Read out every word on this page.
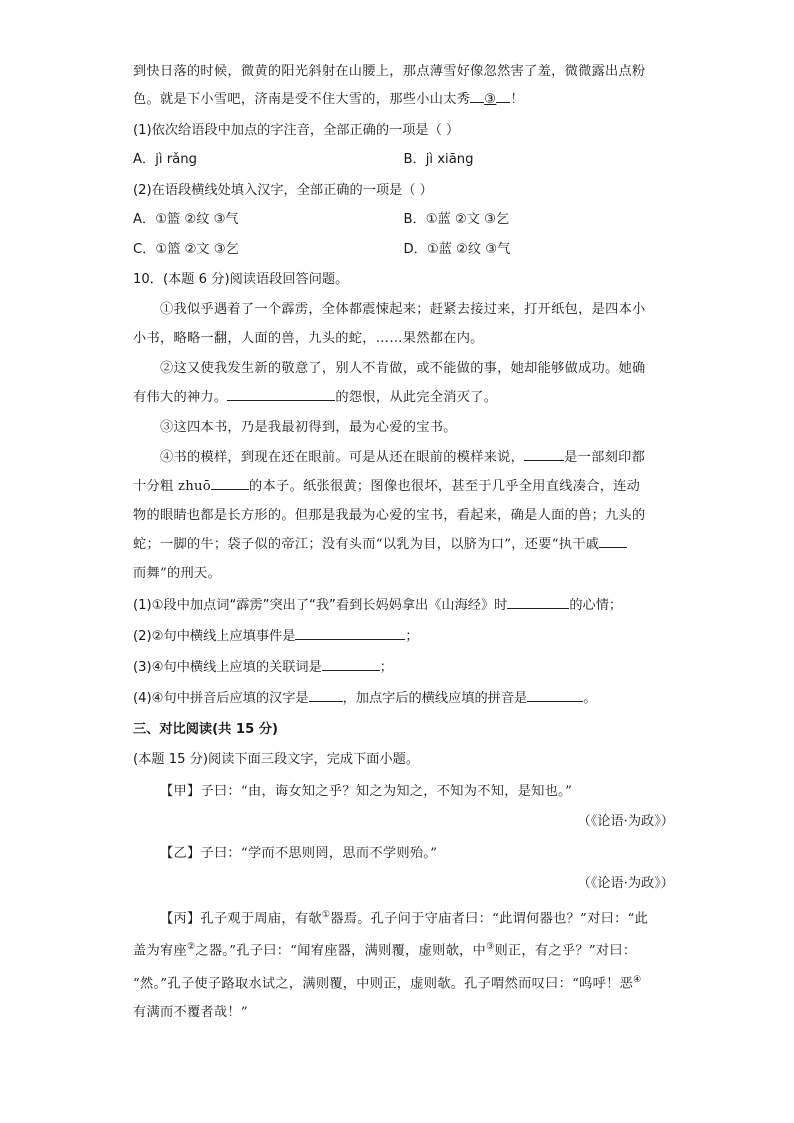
到快日落的时候，微黄的阳光斜射在山腰上，那点薄雪好像忽然害了羞，微微露出点粉

色。就是下小雪吧，济南是受不住大雪的，那些小山太秀 ③ ！

(1)依次给语段中加点的字注音，全部正确的一项是（ ）

A．jì rǎng	B．jì xiāng

(2)在语段横线处填入汉字，全部正确的一项是（ ）

A．①篮 ②纹 ③气	B．①蓝 ②文 ③乞

C．①篮 ②文 ③乞	D．①蓝 ②纹 ③气

10．(本题 6 分)阅读语段回答问题。

①我似乎遇着了一个霹雳，全体都震悚起来；赶紧去接过来，打开纸包，是四本小

小书，略略一翻，人面的兽，九头的蛇，……果然都在内。

②这又使我发生新的敬意了，别人不肯做，或不能做的事，她却能够做成功。她确

有伟大的神力。	的怨恨，从此完全消灭了。

③这四本书，乃是我最初得到，最为心爱的宝书。

④书的模样，到现在还在眼前。可是从还在眼前的模样来说，	是一部刻印都

十分粗 zhuō	的本子。纸张很黄；图像也很坏，甚至于几乎全用直线凑合，连动

物的眼睛也都是长方形的。但那是我最为心爱的宝书，看起来，确是人面的兽；九头的

蛇；一脚的牛；袋子似的帝江；没有头而“以乳为目，以脐为口”，还要“执干戚

而舞”的刑天。

(1)①段中加点词“霹雳”突出了“我”看到长妈妈拿出《山海经》时	的心情；

(2)②句中横线上应填事件是	；

(3)④句中横线上应填的关联词是	；

(4)④句中拼音后应填的汉字是	，加点字后的横线应填的拼音是	。

三、对比阅读(共 15 分)

(本题 15 分)阅读下面三段文字，完成下面小题。

【甲】子曰：“由，诲女知之乎？知之为知之，不知为不知，是知也。”

（《论语·为政》）

【乙】子曰：“学而不思则罔，思而不学则殆。”

（《论语·为政》）

【丙】孔子观于周庙，有欹①器焉。孔子问于守庙者曰：“此谓何器也？”对曰：“此

盖为宥座②之器。”孔子曰：“闻宥座器，满则覆，虚则欹，中③则正，有之乎？”对曰：

“然。”孔子使子路取水试之，满则覆，中则正，虚则欹。孔子喟然而叹曰：“呜呼！恶④

有满而不覆者哉！”
